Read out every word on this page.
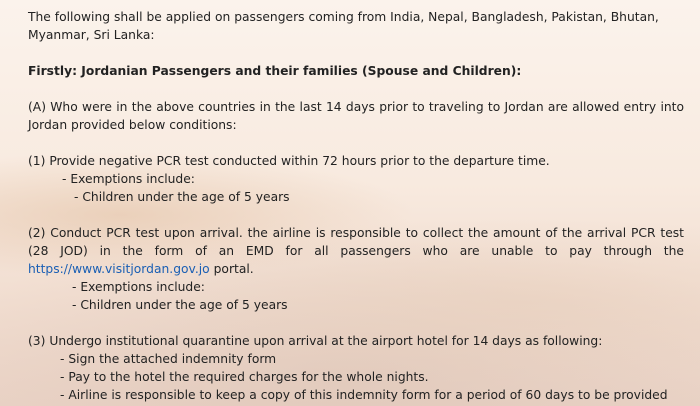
The following shall be applied on passengers coming from India, Nepal, Bangladesh, Pakistan, Bhutan, Myanmar, Sri Lanka:

Firstly: Jordanian Passengers and their families (Spouse and Children):

(A) Who were in the above countries in the last 14 days prior to traveling to Jordan are allowed entry into Jordan provided below conditions:

(1) Provide negative PCR test conducted within 72 hours prior to the departure time.

- Exemptions include:

- Children under the age of 5 years

(2) Conduct PCR test upon arrival. the airline is responsible to collect the amount of the arrival PCR test (28 JOD) in the form of an EMD for all passengers who are unable to pay through the https://www.visitjordan.gov.jo portal.

- Exemptions include:

- Children under the age of 5 years

(3) Undergo institutional quarantine upon arrival at the airport hotel for 14 days as following:

- Sign the attached indemnity form

- Pay to the hotel the required charges for the whole nights.

- Airline is responsible to keep a copy of this indemnity form for a period of 60 days to be provided
